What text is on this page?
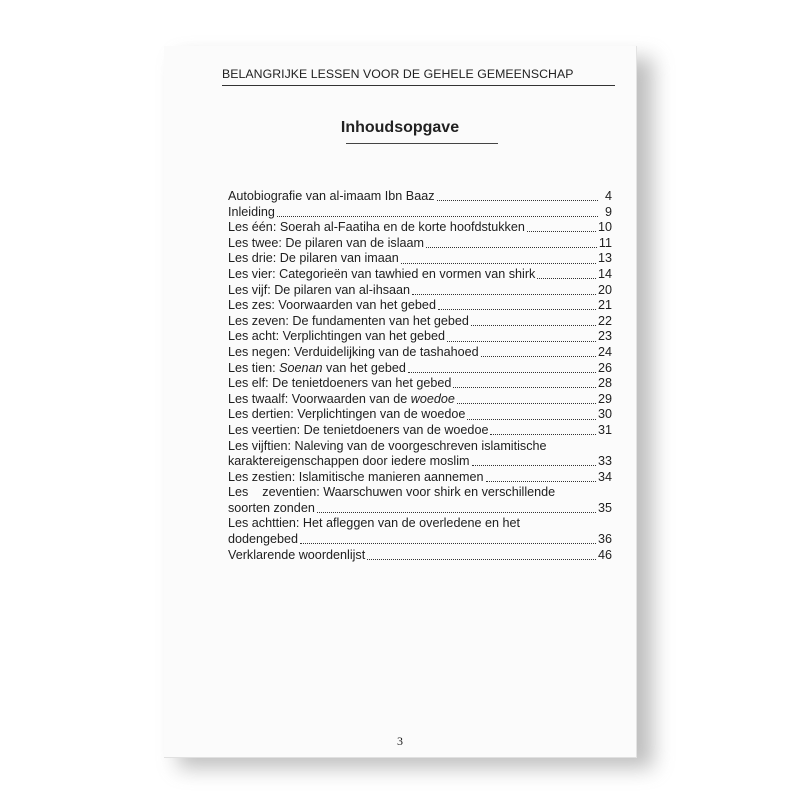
BELANGRIJKE LESSEN VOOR DE GEHELE GEMEENSCHAP
Inhoudsopgave
Autobiografie van al-imaam Ibn Baaz	4
Inleiding	9
Les één: Soerah al-Faatiha en de korte hoofdstukken	10
Les twee: De pilaren van de islaam	11
Les drie: De pilaren van imaan	13
Les vier: Categorieën van tawhied en vormen van shirk	14
Les vijf: De pilaren van al-ihsaan	20
Les zes: Voorwaarden van het gebed	21
Les zeven: De fundamenten van het gebed	22
Les acht: Verplichtingen van het gebed	23
Les negen: Verduidelijking van de tashahoed	24
Les tien: Soenan van het gebed	26
Les elf: De tenietdoeners van het gebed	28
Les twaalf: Voorwaarden van de woedoe	29
Les dertien: Verplichtingen van de woedoe	30
Les veertien: De tenietdoeners van de woedoe	31
Les vijftien: Naleving van de voorgeschreven islamitische
karaktereigenschappen door iedere moslim	33
Les zestien: Islamitische manieren aannemen	34
Les    zeventien: Waarschuwen voor shirk en verschillende
soorten zonden	35
Les achttien: Het afleggen van de overledene en het
dodengebed	36
Verklarende woordenlijst	46
3
